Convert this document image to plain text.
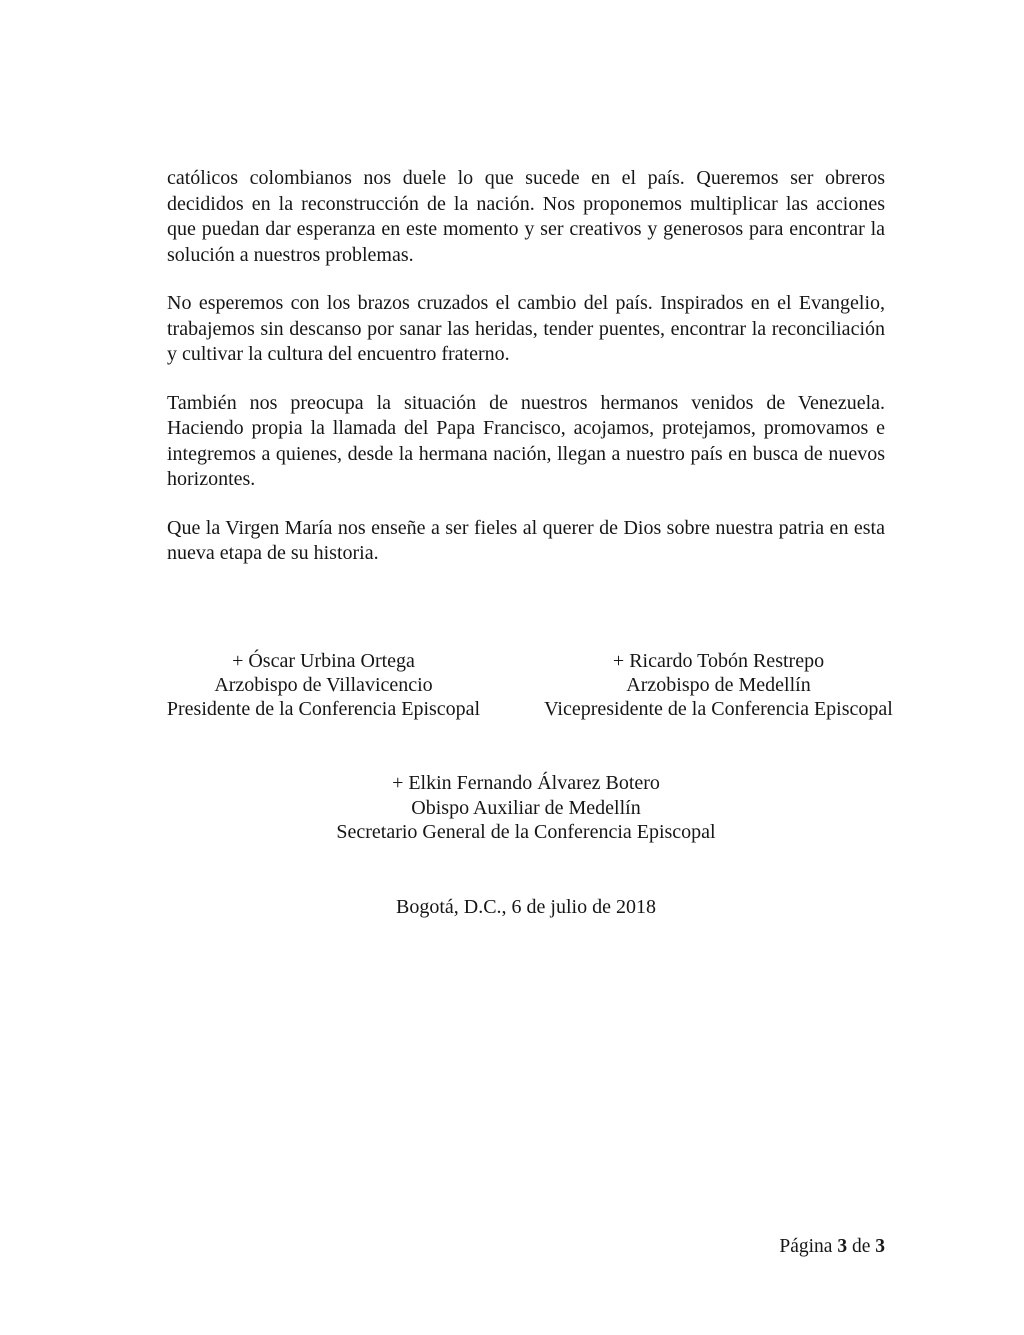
católicos colombianos nos duele lo que sucede en el país. Queremos ser obreros decididos en la reconstrucción de la nación. Nos proponemos multiplicar las acciones que puedan dar esperanza en este momento y ser creativos y generosos para encontrar la solución a nuestros problemas.

No esperemos con los brazos cruzados el cambio del país. Inspirados en el Evangelio, trabajemos sin descanso por sanar las heridas, tender puentes, encontrar la reconciliación y cultivar la cultura del encuentro fraterno.

También nos preocupa la situación de nuestros hermanos venidos de Venezuela. Haciendo propia la llamada del Papa Francisco, acojamos, protejamos, promovamos e integremos a quienes, desde la hermana nación, llegan a nuestro país en busca de nuevos horizontes.

Que la Virgen María nos enseñe a ser fieles al querer de Dios sobre nuestra patria en esta nueva etapa de su historia.

+ Óscar Urbina Ortega
Arzobispo de Villavicencio
Presidente de la Conferencia Episcopal
+ Ricardo Tobón Restrepo
Arzobispo de Medellín
Vicepresidente de la Conferencia Episcopal
+ Elkin Fernando Álvarez Botero
Obispo Auxiliar de Medellín
Secretario General de la Conferencia Episcopal
Bogotá, D.C., 6 de julio de 2018
Página 3 de 3
